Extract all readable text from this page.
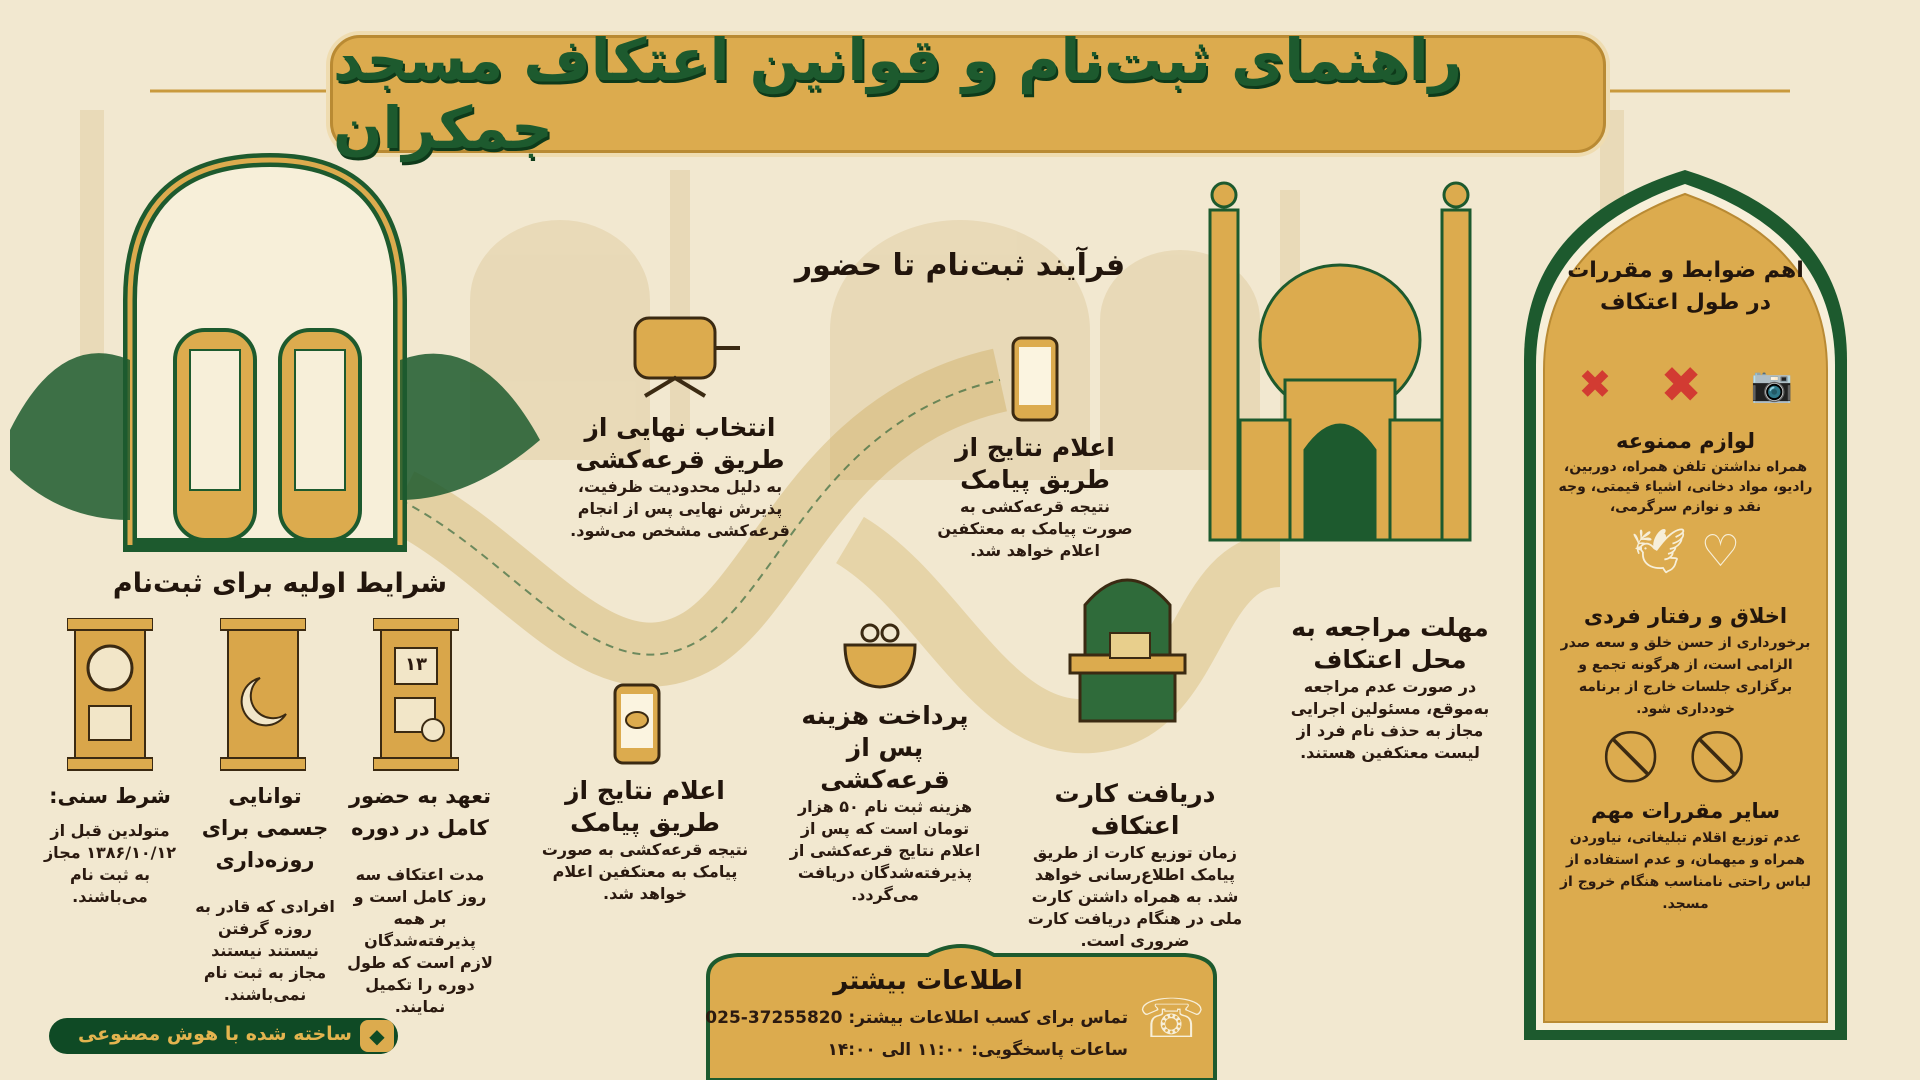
راهنمای ثبت‌نام و قوانین اعتکاف مسجد جمکران
فرآیند ثبت‌نام تا حضور
انتخاب نهایی از طریق قرعه‌کشی
به دلیل محدودیت ظرفیت، پذیرش نهایی پس از انجام قرعه‌کشی مشخص می‌شود.
اعلام نتایج از طریق پیامک
نتیجه قرعه‌کشی به صورت پیامک به معتکفین اعلام خواهد شد.
اعلام نتایج از طریق پیامک
نتیجه قرعه‌کشی به صورت پیامک به معتکفین اعلام خواهد شد.
پرداخت هزینه پس از قرعه‌کشی
هزینه ثبت نام ۵۰ هزار تومان است که پس از اعلام نتایج قرعه‌کشی از پذیرفته‌شدگان دریافت می‌گردد.
دریافت کارت اعتکاف
زمان توزیع کارت از طریق پیامک اطلاع‌رسانی خواهد شد. به همراه داشتن کارت ملی در هنگام دریافت کارت ضروری است.
مهلت مراجعه به محل اعتکاف
در صورت عدم مراجعه به‌موقع، مسئولین اجرایی مجاز به حذف نام فرد از لیست معتکفین هستند.
شرایط اولیه برای ثبت‌نام
۱۳
شرط سنی:
متولدین قبل از ۱۳۸۶/۱۰/۱۲ مجاز به ثبت نام می‌باشند.
توانایی جسمی برای روزه‌داری
افرادی که قادر به روزه گرفتن نیستند نیستند مجاز به ثبت نام نمی‌باشند.
تعهد به حضور کامل در دوره
مدت اعتکاف سه روز کامل است و بر همه پذیرفته‌شدگان لازم است که طول دوره را تکمیل نمایند.
اهم ضوابط و مقررات در طول اعتکاف
✖ ✖ 📷
لوازم ممنوعه
همراه نداشتن تلفن همراه، دوربین، رادیو، مواد دخانی، اشیاء قیمتی، وجه نقد و نوازم سرگرمی،
🕊 ♡
اخلاق و رفتار فردی
برخورداری از حسن خلق و سعه صدر الزامی است، از هرگونه تجمع و برگزاری جلسات خارج از برنامه خودداری شود.
سایر مقررات مهم
عدم توزیع اقلام تبلیغاتی، نیاوردن همراه و میهمان، و عدم استفاده از لباس راحتی نامناسب هنگام خروج از مسجد.
اطلاعات بیشتر
تماس برای کسب اطلاعات بیشتر: 025-37255820
ساعات پاسخگویی: ۱۱:۰۰ الی ۱۴:۰۰	☏
◆
ساخته شده با هوش مصنوعی
